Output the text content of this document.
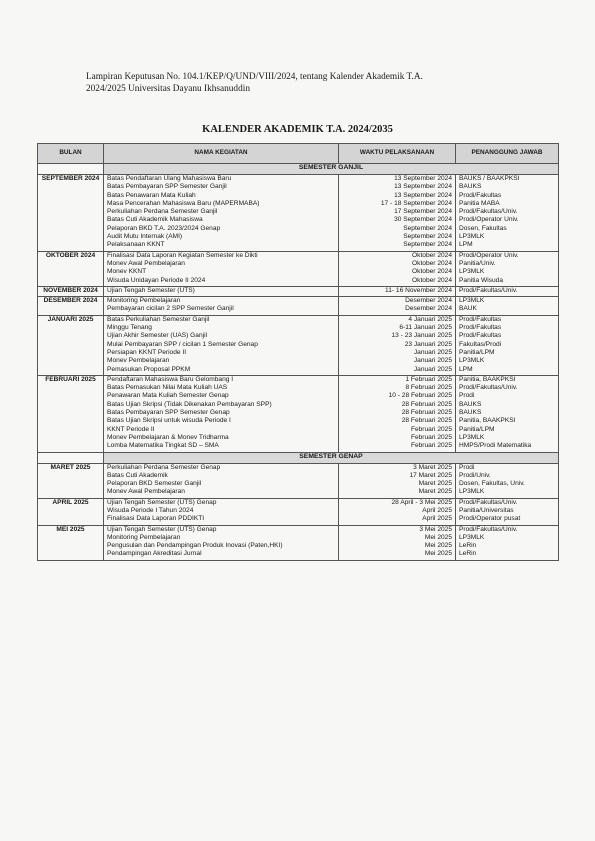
Lampiran Keputusan No. 104.1/KEP/Q/UND/VIII/2024, tentang Kalender Akademik T.A.
2024/2025 Universitas Dayanu Ikhsanuddin
KALENDER AKADEMIK T.A. 2024/2035
BULAN	NAMA KEGIATAN	WAKTU PELAKSANAAN	PENANGGUNG JAWAB
	SEMESTER GANJIL		
SEPTEMBER 2024	Batas Pendaftaran Ulang Mahasiswa Baru	13 September 2024	BAUKS / BAAKPKSI
	Batas Pembayaran SPP Semester Ganjil	13 September 2024	BAUKS
	Batas Penawaran Mata Kuliah	13 September 2024	Prodi/Fakultas
	Masa Pencerahan Mahasiswa Baru (MAPERMABA)	17 - 18 September 2024	Panitia MABA
	Perkuliahan Perdana Semester Ganjil	17 September 2024	Prodi/Fakultas/Univ.
	Batas Cuti Akademik Mahasiswa	30 September 2024	Prodi/Operator Univ.
	Pelaporan BKD T.A. 2023/2024 Genap	September 2024	Dosen, Fakultas
	Audit Mutu Internak (AMI)	September 2024	LP3MLK
	Pelaksanaan KKNT	September 2024	LPM
OKTOBER 2024	Finalisasi Data Laporan Kegiatan Semester ke Dikti	Oktober 2024	Prodi/Operator Univ.
	Monev Awal Pembelajaran	Oktober 2024	Panitia/Univ.
	Monev KKNT	Oktober 2024	LP3MLK
	Wisuda Unidayan Periode II 2024	Oktober 2024	Panitia Wisuda
NOVEMBER 2024	Ujian Tengah Semester (UTS)	11- 16 November 2024	Prodi/Fakultas/Univ.
DESEMBER 2024	Monitoring Pembelajaran	Desember 2024	LP3MLK
	Pembayaran cicilan 2 SPP Semester Ganjil	Desember 2024	BAUK
JANUARI 2025	Batas Perkuliahan Semester Ganjil	4 Januari 2025	Prodi/Fakultas
	Minggu Tenang	6-11 Januari 2025	Prodi/Fakultas
	Ujian Akhir Semester (UAS) Ganjil	13 - 23 Januari 2025	Prodi/Fakultas
	Mulai Pembayaran SPP / cicilan 1 Semester Genap	23 Januari 2025	Fakultas/Prodi
	Persiapan KKNT Periode II	Januari 2025	Panitia/LPM
	Monev Pembelajaran	Januari 2025	LP3MLK
	Pemasukan Proposal PPKM	Januari 2025	LPM
FEBRUARI 2025	Pendaftaran Mahasiswa Baru Gelombang I	1 Februari 2025	Panitia, BAAKPKSI
	Batas Pemasukan Nilai Mata Kuliah UAS	8 Februari 2025	Prodi/Fakultas/Univ.
	Penawaran Mata Kuliah Semester Genap	10 - 28 Februari 2025	Prodi
	Batas Ujian Skripsi (Tidak Dikenakan Pembayaran SPP)	28 Februari 2025	BAUKS
	Batas Pembayaran SPP Semester Genap	28 Februari 2025	BAUKS
	Batas Ujian Skripsi untuk wisuda Periode I	28 Februari 2025	Panitia, BAAKPKSI
	KKNT Periode II	Februari 2025	Panitia/LPM
	Monev Pembelajaran & Monev Tridharma	Februari 2025	LP3MLK
	Lomba Matematika Tingkat SD – SMA	Februari 2025	HMPS/Prodi Matematika
	SEMESTER GENAP		
MARET 2025	Perkuliahan Perdana Semester Genap	3 Maret 2025	Prodi
	Batas Cuti Akademik	17 Maret 2025	Prodi/Univ.
	Pelaporan BKD Semester Ganjil	Maret 2025	Dosen, Fakultas, Univ.
	Monev Awal Pembelajaran	Maret 2025	LP3MLK
APRIL 2025	Ujian Tengah Semester (UTS) Genap	28 April - 3 Mei 2025	Prodi/Fakultas/Univ.
	Wisuda Periode I Tahun 2024	April 2025	Panitia/Universitas
	Finalisasi Data Laporan PDDIKTI	April 2025	Prodi/Operator pusat
MEI 2025	Ujian Tengah Semester (UTS) Genap	3 Mei 2025	Prodi/Fakultas/Univ.
	Monitoring Pembelajaran	Mei 2025	LP3MLK
	Pengusulan dan Pendampingan Produk Inovasi (Paten,HKI)	Mei 2025	LeRin
	Pendampingan Akreditasi Jurnal	Mei 2025	LeRin
